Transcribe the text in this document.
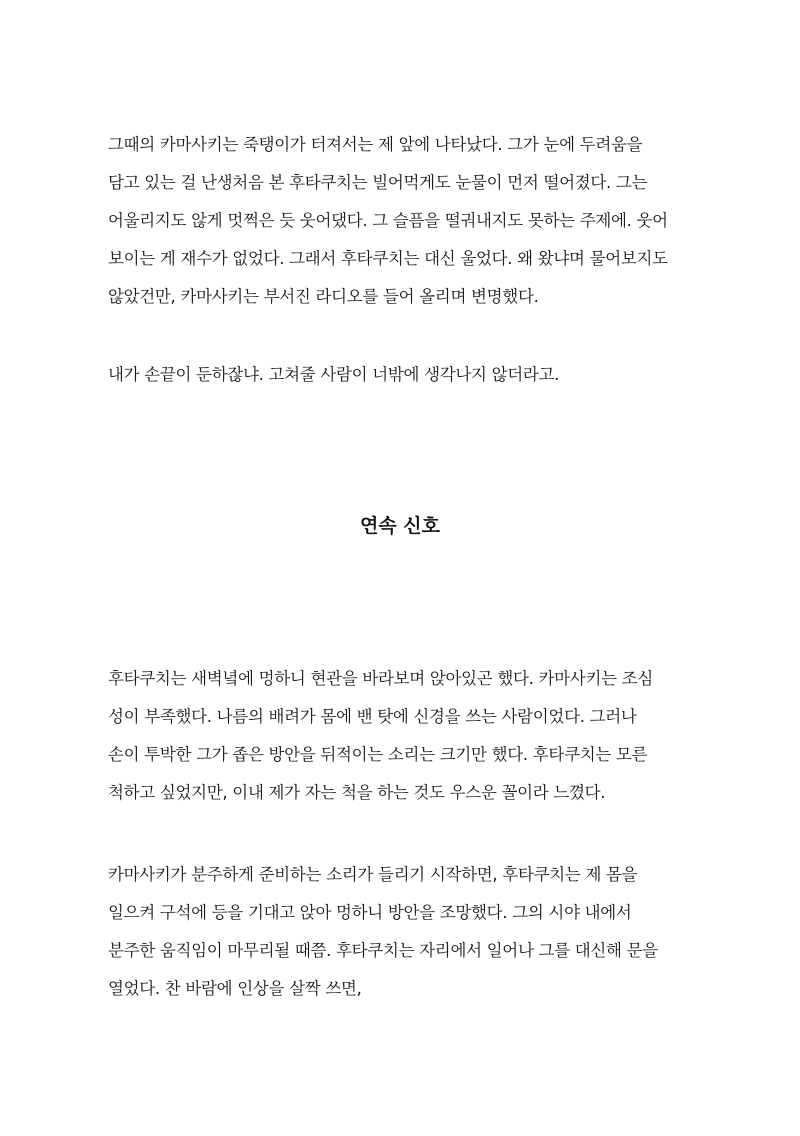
그때의 카마사키는 죽탱이가 터져서는 제 앞에 나타났다. 그가 눈에 두려움을
담고 있는 걸 난생처음 본 후타쿠치는 빌어먹게도 눈물이 먼저 떨어졌다. 그는
어울리지도 않게 멋쩍은 듯 웃어댔다. 그 슬픔을 떨궈내지도 못하는 주제에. 웃어
보이는 게 재수가 없었다. 그래서 후타쿠치는 대신 울었다. 왜 왔냐며 물어보지도
않았건만, 카마사키는 부서진 라디오를 들어 올리며 변명했다.
내가 손끝이 둔하잖냐. 고쳐줄 사람이 너밖에 생각나지 않더라고.
연속 신호
후타쿠치는 새벽녘에 멍하니 현관을 바라보며 앉아있곤 했다. 카마사키는 조심
성이 부족했다. 나름의 배려가 몸에 밴 탓에 신경을 쓰는 사람이었다. 그러나
손이 투박한 그가 좁은 방안을 뒤적이는 소리는 크기만 했다. 후타쿠치는 모른
척하고 싶었지만, 이내 제가 자는 척을 하는 것도 우스운 꼴이라 느꼈다.
카마사키가 분주하게 준비하는 소리가 들리기 시작하면, 후타쿠치는 제 몸을
일으켜 구석에 등을 기대고 앉아 멍하니 방안을 조망했다. 그의 시야 내에서
분주한 움직임이 마무리될 때쯤. 후타쿠치는 자리에서 일어나 그를 대신해 문을
열었다. 찬 바람에 인상을 살짝 쓰면,
